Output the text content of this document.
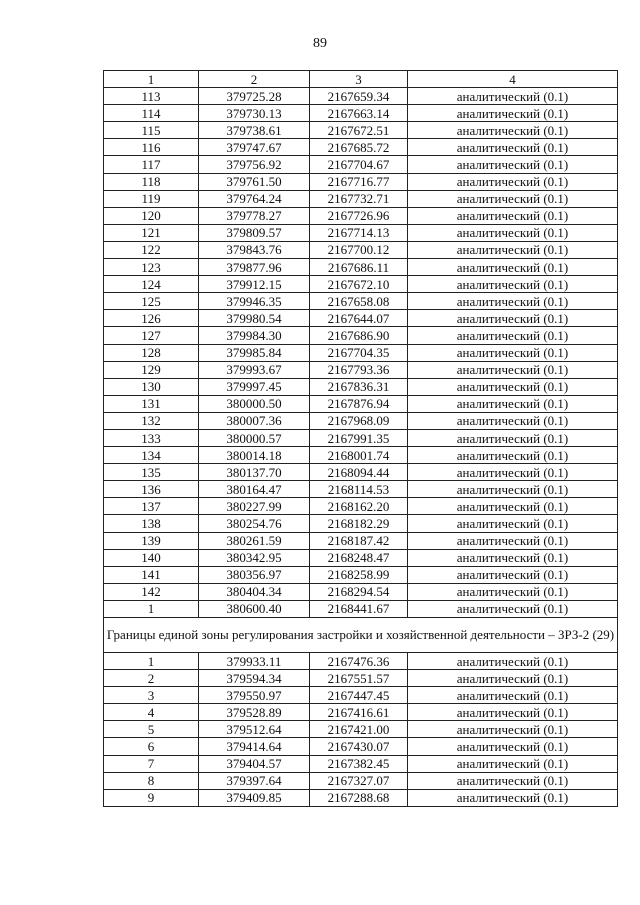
89
1	2	3	4
113	379725.28	2167659.34	аналитический (0.1)
114	379730.13	2167663.14	аналитический (0.1)
115	379738.61	2167672.51	аналитический (0.1)
116	379747.67	2167685.72	аналитический (0.1)
117	379756.92	2167704.67	аналитический (0.1)
118	379761.50	2167716.77	аналитический (0.1)
119	379764.24	2167732.71	аналитический (0.1)
120	379778.27	2167726.96	аналитический (0.1)
121	379809.57	2167714.13	аналитический (0.1)
122	379843.76	2167700.12	аналитический (0.1)
123	379877.96	2167686.11	аналитический (0.1)
124	379912.15	2167672.10	аналитический (0.1)
125	379946.35	2167658.08	аналитический (0.1)
126	379980.54	2167644.07	аналитический (0.1)
127	379984.30	2167686.90	аналитический (0.1)
128	379985.84	2167704.35	аналитический (0.1)
129	379993.67	2167793.36	аналитический (0.1)
130	379997.45	2167836.31	аналитический (0.1)
131	380000.50	2167876.94	аналитический (0.1)
132	380007.36	2167968.09	аналитический (0.1)
133	380000.57	2167991.35	аналитический (0.1)
134	380014.18	2168001.74	аналитический (0.1)
135	380137.70	2168094.44	аналитический (0.1)
136	380164.47	2168114.53	аналитический (0.1)
137	380227.99	2168162.20	аналитический (0.1)
138	380254.76	2168182.29	аналитический (0.1)
139	380261.59	2168187.42	аналитический (0.1)
140	380342.95	2168248.47	аналитический (0.1)
141	380356.97	2168258.99	аналитический (0.1)
142	380404.34	2168294.54	аналитический (0.1)
1	380600.40	2168441.67	аналитический (0.1)
Границы единой зоны регулирования застройки и хозяйственной деятельности – ЗРЗ-2 (29)			
1	379933.11	2167476.36	аналитический (0.1)
2	379594.34	2167551.57	аналитический (0.1)
3	379550.97	2167447.45	аналитический (0.1)
4	379528.89	2167416.61	аналитический (0.1)
5	379512.64	2167421.00	аналитический (0.1)
6	379414.64	2167430.07	аналитический (0.1)
7	379404.57	2167382.45	аналитический (0.1)
8	379397.64	2167327.07	аналитический (0.1)
9	379409.85	2167288.68	аналитический (0.1)
